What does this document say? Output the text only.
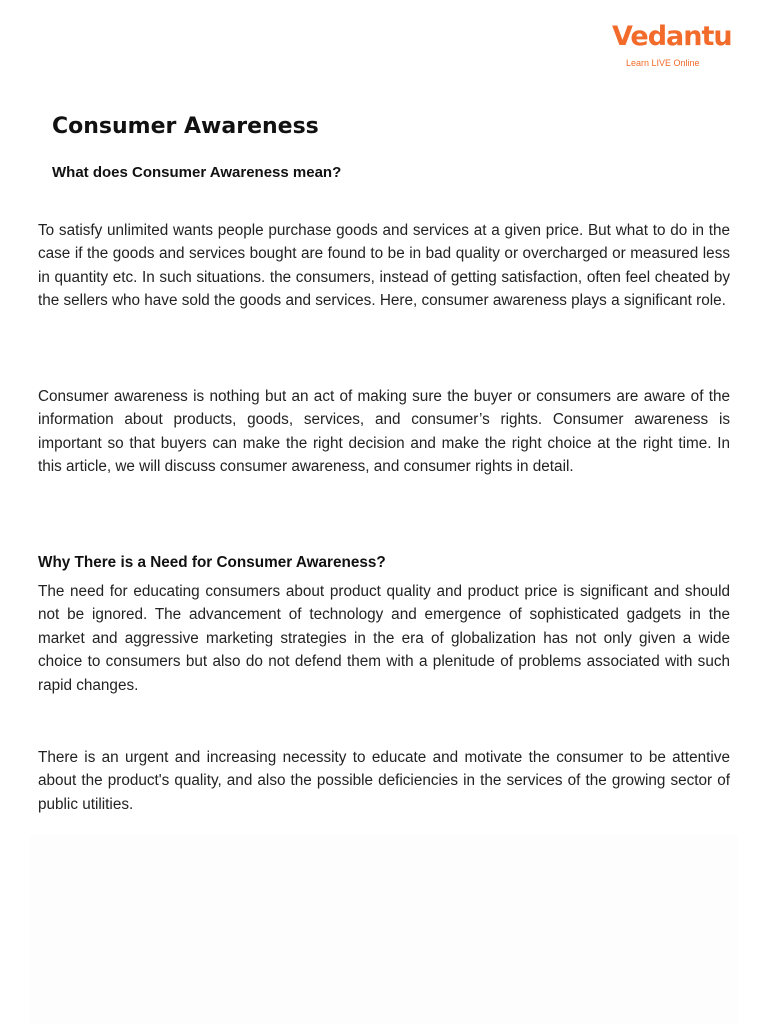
Vedantu
Learn LIVE Online
Consumer Awareness
What does Consumer Awareness mean?

To satisfy unlimited wants people purchase goods and services at a given price. But what to do in the case if the goods and services bought are found to be in bad quality or overcharged or measured less in quantity etc. In such situations. the consumers, instead of getting satisfaction, often feel cheated by the sellers who have sold the goods and services. Here, consumer awareness plays a significant role.

Consumer awareness is nothing but an act of making sure the buyer or consumers are aware of the information about products, goods, services, and consumer’s rights. Consumer awareness is important so that buyers can make the right decision and make the right choice at the right time. In this article, we will discuss consumer awareness, and consumer rights in detail.

Why There is a Need for Consumer Awareness?

The need for educating consumers about product quality and product price is significant and should not be ignored. The advancement of technology and emergence of sophisticated gadgets in the market and aggressive marketing strategies in the era of globalization has not only given a wide choice to consumers but also do not defend them with a plenitude of problems associated with such rapid changes.

There is an urgent and increasing necessity to educate and motivate the consumer to be attentive about the product's quality, and also the possible deficiencies in the services of the growing sector of public utilities.
